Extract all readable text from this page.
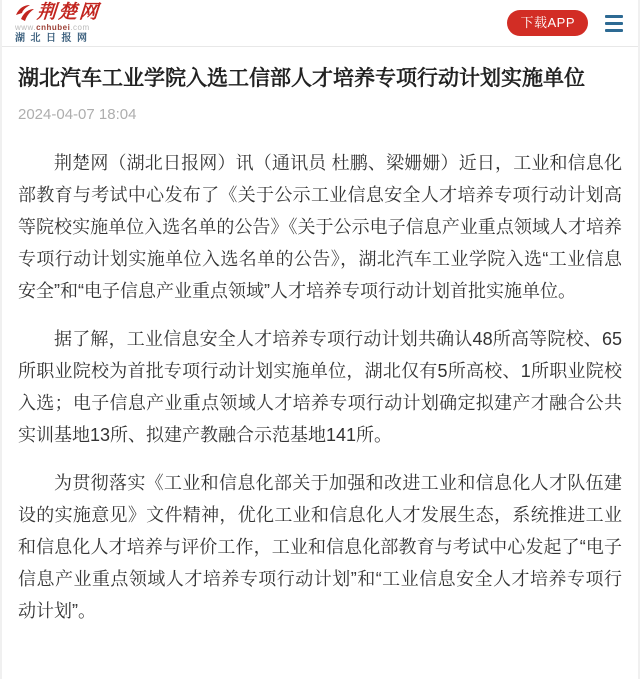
荆楚网
www.cnhubei.com
湖北日报网
下载APP
湖北汽车工业学院入选工信部人才培养专项行动计划实施单位
2024-04-07 18:04

荆楚网（湖北日报网）讯（通讯员 杜鹏、梁姗姗）近日，工业和信息化部教育与考试中心发布了《关于公示工业信息安全人才培养专项行动计划高等院校实施单位入选名单的公告》《关于公示电子信息产业重点领域人才培养专项行动计划实施单位入选名单的公告》，湖北汽车工业学院入选“工业信息安全”和“电子信息产业重点领域”人才培养专项行动计划首批实施单位。

据了解，工业信息安全人才培养专项行动计划共确认48所高等院校、65所职业院校为首批专项行动计划实施单位，湖北仅有5所高校、1所职业院校入选；电子信息产业重点领域人才培养专项行动计划确定拟建产才融合公共实训基地13所、拟建产教融合示范基地141所。

为贯彻落实《工业和信息化部关于加强和改进工业和信息化人才队伍建设的实施意见》文件精神，优化工业和信息化人才发展生态，系统推进工业和信息化人才培养与评价工作，工业和信息化部教育与考试中心发起了“电子信息产业重点领域人才培养专项行动计划”和“工业信息安全人才培养专项行动计划”。
